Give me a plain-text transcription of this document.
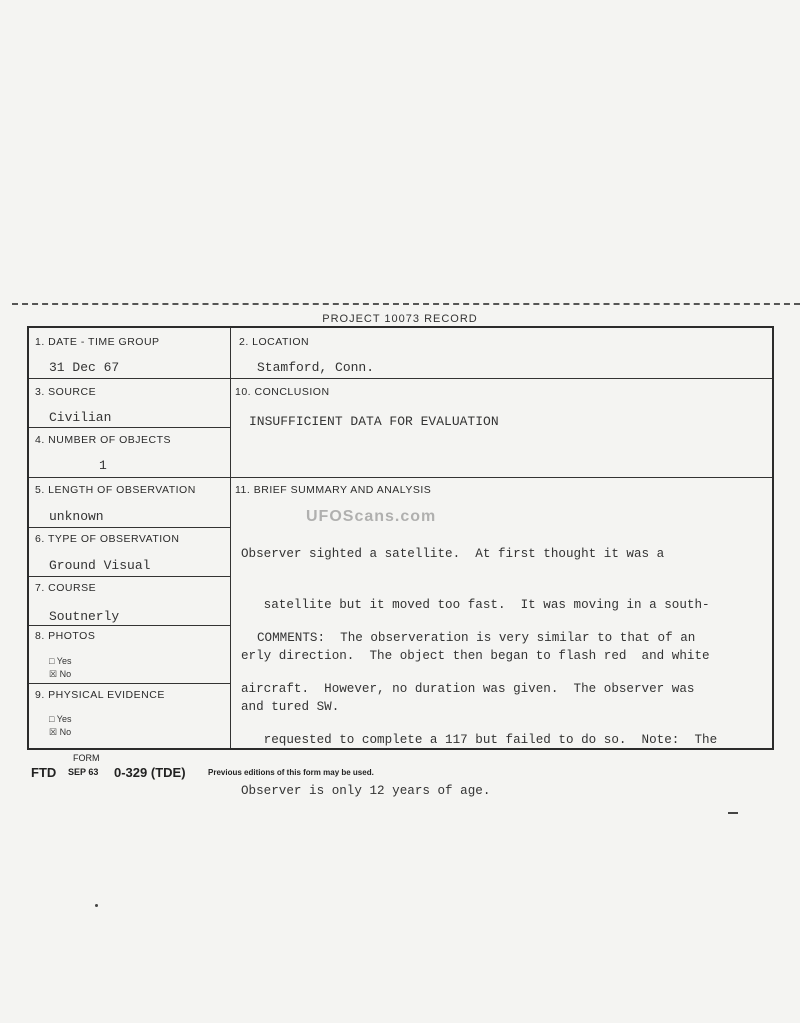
PROJECT 10073 RECORD
1. DATE - TIME GROUP
31 Dec 67
3. SOURCE
Civilian
4. NUMBER OF OBJECTS
1
5. LENGTH OF OBSERVATION
unknown
6. TYPE OF OBSERVATION
Ground Visual
7. COURSE
Soutnerly
8. PHOTOS
□ Yes
☒ No
9. PHYSICAL EVIDENCE
□ Yes
☒ No
2. LOCATION
Stamford, Conn.
10. CONCLUSION
INSUFFICIENT DATA FOR EVALUATION
11. BRIEF SUMMARY AND ANALYSIS

Observer sighted a satellite.  At first thought it was a

satellite but it moved too fast.  It was moving in a south-

erly direction.  The object then began to flash red  and white

and tured SW.

COMMENTS:  The observeration is very similar to that of an

aircraft.  However, no duration was given.  The observer was

requested to complete a 117 but failed to do so.  Note:  The

Observer is only 12 years of age.

UFOScans.com
FORM
FTD SEP 63 0-329 (TDE)	Previous editions of this form may be used.
